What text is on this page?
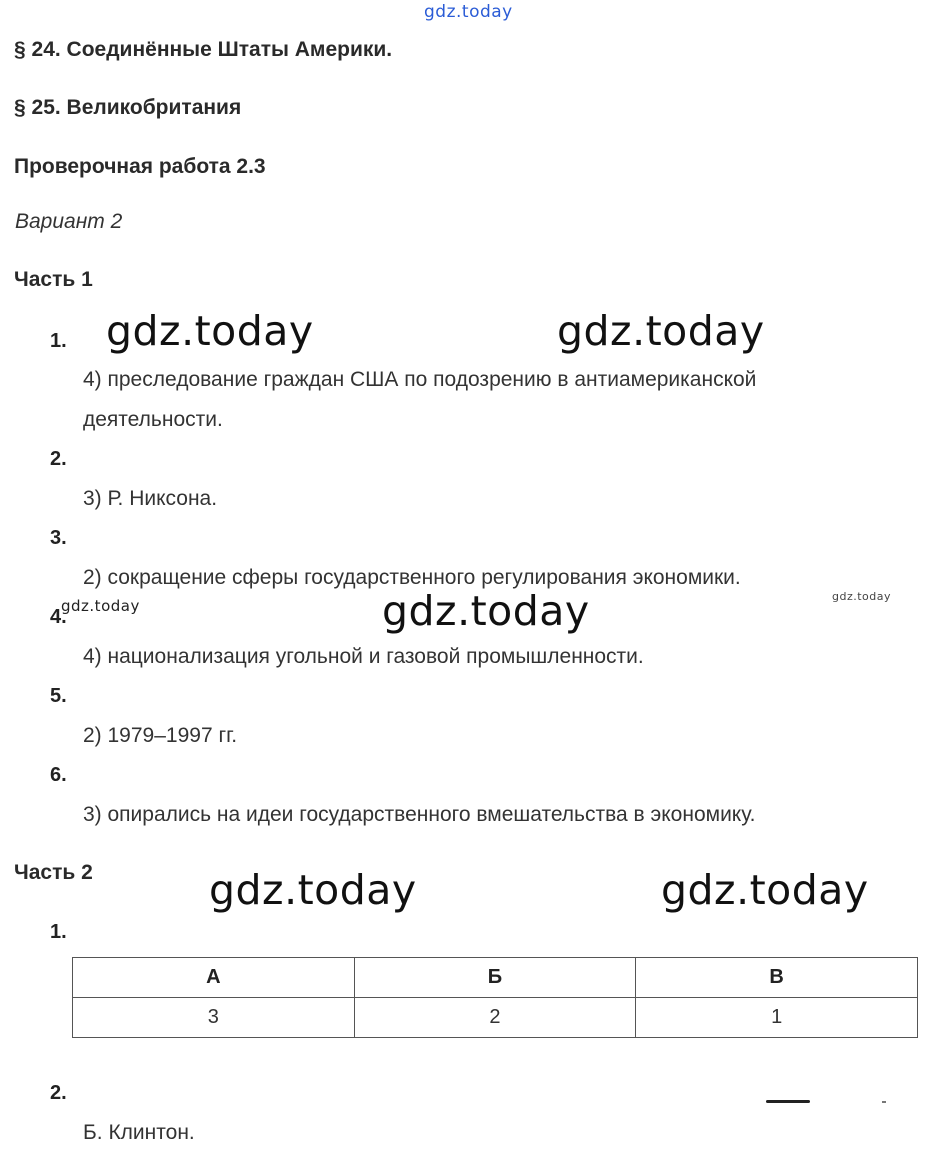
gdz.today
§ 24. Соединённые Штаты Америки.
§ 25. Великобритания
Проверочная работа 2.3
Вариант 2
Часть 1
1. gdz.today	gdz.today
4) преследование граждан США по подозрению в антиамериканской
деятельности.
2.
3) Р. Никсона.
3.
2) сокращение сферы государственного регулирования экономики.
4.
gdz.today	gdz.today	gdz.today
4) национализация угольной и газовой промышленности.
5.
2) 1979–1997 гг.
6.
3) опирались на идеи государственного вмешательства в экономику.
Часть 2	gdz.today	gdz.today
1.
А	Б	В
3	2	1
2.
Б. Клинтон.
